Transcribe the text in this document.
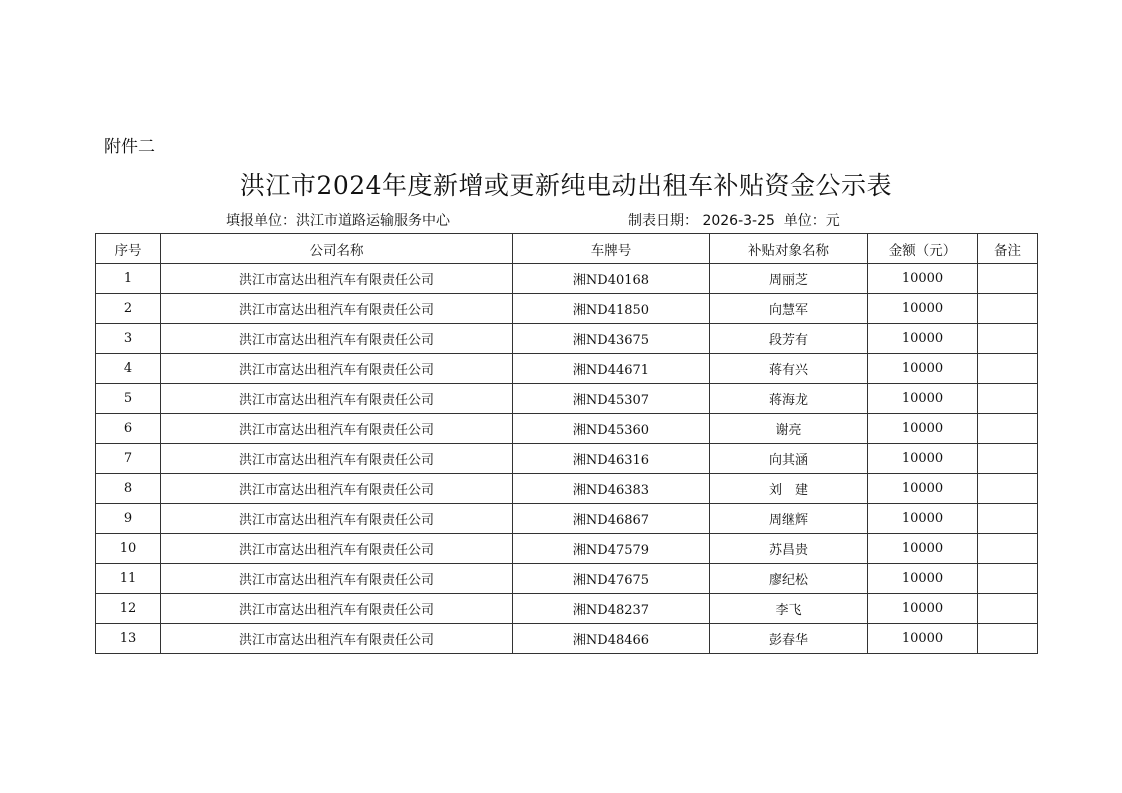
附件二
洪江市2024年度新增或更新纯电动出租车补贴资金公示表
填报单位：洪江市道路运输服务中心	制表日期： 2026-3-25  单位：元
序号	公司名称	车牌号	补贴对象名称	金额（元）	备注
1	洪江市富达出租汽车有限责任公司	湘ND40168	周丽芝	10000	
2	洪江市富达出租汽车有限责任公司	湘ND41850	向慧军	10000	
3	洪江市富达出租汽车有限责任公司	湘ND43675	段芳有	10000	
4	洪江市富达出租汽车有限责任公司	湘ND44671	蒋有兴	10000	
5	洪江市富达出租汽车有限责任公司	湘ND45307	蒋海龙	10000	
6	洪江市富达出租汽车有限责任公司	湘ND45360	谢亮	10000	
7	洪江市富达出租汽车有限责任公司	湘ND46316	向其涵	10000	
8	洪江市富达出租汽车有限责任公司	湘ND46383	刘　建	10000	
9	洪江市富达出租汽车有限责任公司	湘ND46867	周继辉	10000	
10	洪江市富达出租汽车有限责任公司	湘ND47579	苏昌贵	10000	
11	洪江市富达出租汽车有限责任公司	湘ND47675	廖纪松	10000	
12	洪江市富达出租汽车有限责任公司	湘ND48237	李飞	10000	
13	洪江市富达出租汽车有限责任公司	湘ND48466	彭春华	10000	
